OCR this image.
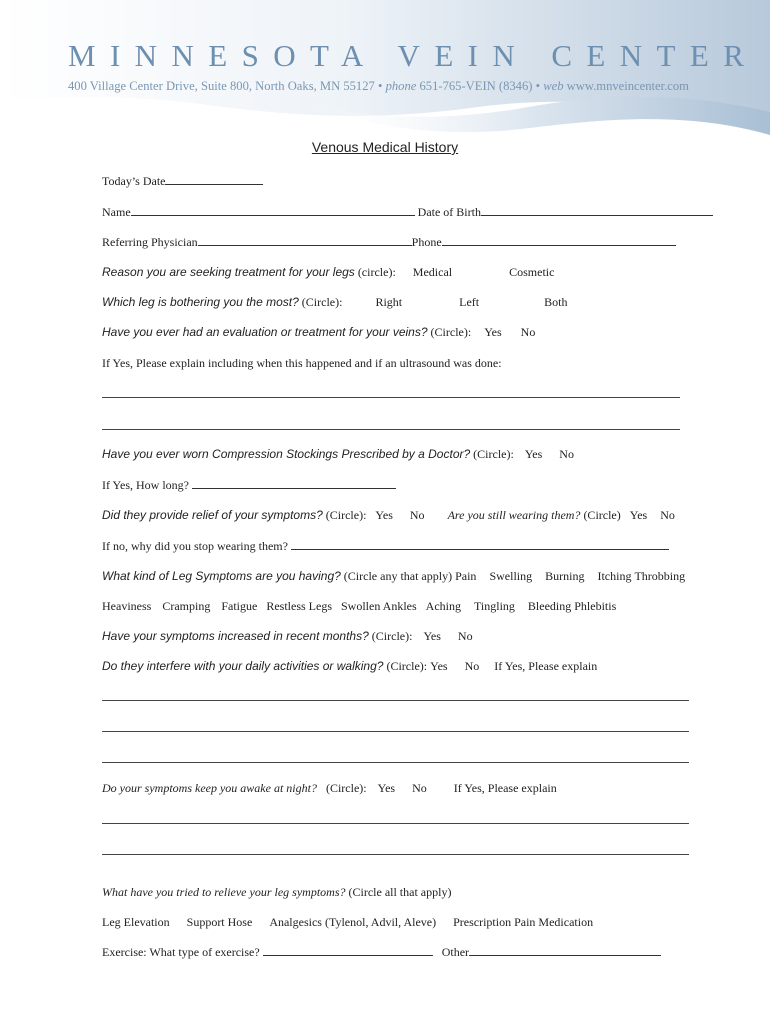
MINNESOTA VEIN CENTER
400 Village Center Drive, Suite 800, North Oaks, MN 55127 • phone 651-765-VEIN (8346) • web www.mnveincenter.com
Venous Medical History
Today’s Date
Name	Date of Birth
Referring Physician	Phone
Reason you are seeking treatment for your legs (circle): Medical	Cosmetic
Which leg is bothering you the most? (Circle):	Right	Left	Both
Have you ever had an evaluation or treatment for your veins? (Circle): Yes No
If Yes, Please explain including when this happened and if an ultrasound was done:
Have you ever worn Compression Stockings Prescribed by a Doctor? (Circle): Yes No
If Yes, How long?
Did they provide relief of your symptoms? (Circle): Yes No Are you still wearing them? (Circle) Yes No
If no, why did you stop wearing them?
What kind of Leg Symptoms are you having? (Circle any that apply) Pain Swelling Burning Itching Throbbing
Heaviness Cramping Fatigue Restless Legs Swollen Ankles Aching Tingling Bleeding Phlebitis
Have your symptoms increased in recent months? (Circle): Yes No
Do they interfere with your daily activities or walking? (Circle): Yes No If Yes, Please explain
Do your symptoms keep you awake at night? (Circle): Yes No If Yes, Please explain
What have you tried to relieve your leg symptoms? (Circle all that apply)
Leg Elevation Support Hose Analgesics (Tylenol, Advil, Aleve) Prescription Pain Medication
Exercise: What type of exercise?	Other
